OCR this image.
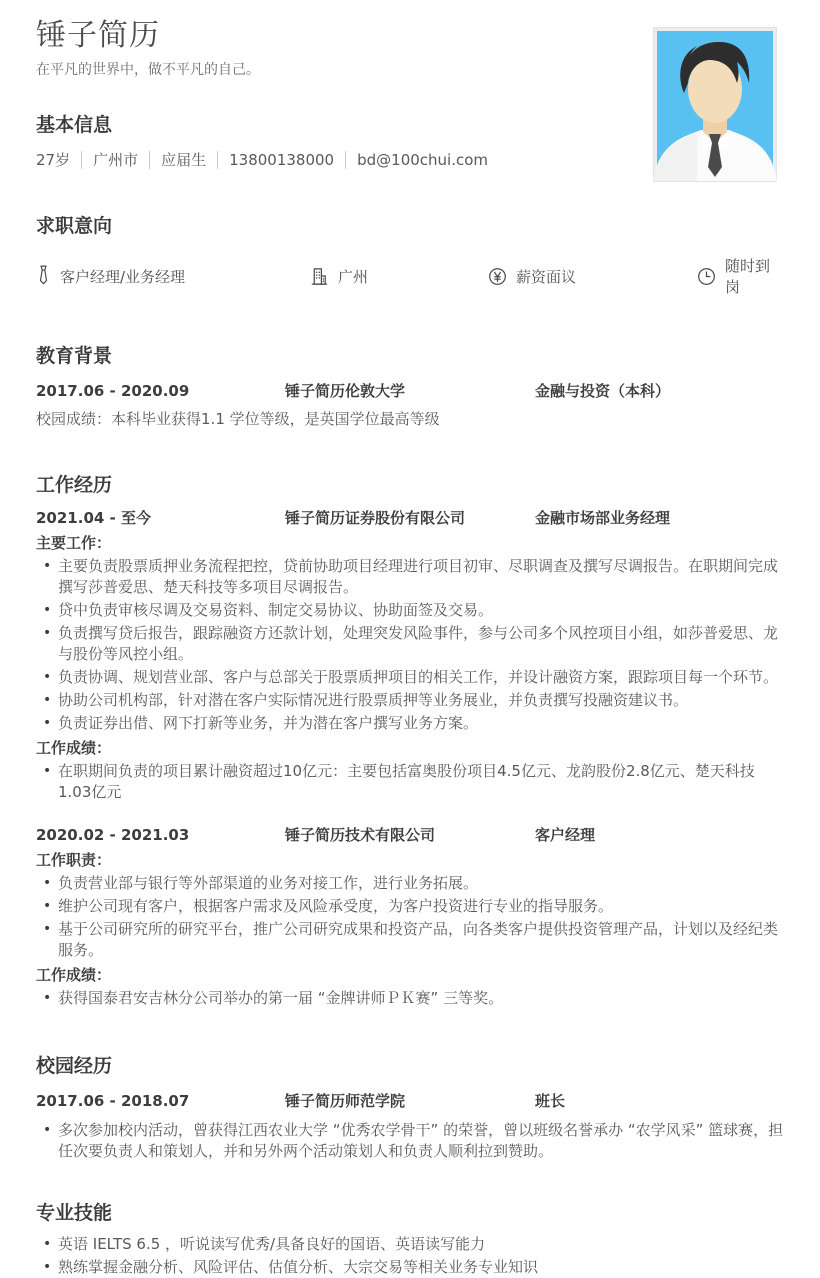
锤子简历
在平凡的世界中，做不平凡的自己。
基本信息
27岁 广州市 应届生 13800138000 bd@100chui.com
求职意向
客户经理/业务经理	广州	薪资面议
随时到岗
教育背景
2017.06 - 2020.09	锤子简历伦敦大学	金融与投资（本科）
校园成绩：本科毕业获得1.1 学位等级，是英国学位最高等级
工作经历
2021.04 - 至今	锤子简历证券股份有限公司	金融市场部业务经理
主要工作：
• 主要负责股票质押业务流程把控，贷前协助项目经理进行项目初审、尽职调查及撰写尽调报告。在职期间完成撰写莎普爱思、楚天科技等多项目尽调报告。
• 贷中负责审核尽调及交易资料、制定交易协议、协助面签及交易。
• 负责撰写贷后报告，跟踪融资方还款计划，处理突发风险事件，参与公司多个风控项目小组，如莎普爱思、龙与股份等风控小组。
• 负责协调、规划营业部、客户与总部关于股票质押项目的相关工作，并设计融资方案，跟踪项目每一个环节。
• 协助公司机构部，针对潜在客户实际情况进行股票质押等业务展业，并负责撰写投融资建议书。
• 负责证券出借、网下打新等业务，并为潜在客户撰写业务方案。
工作成绩：
• 在职期间负责的项目累计融资超过10亿元：主要包括富奥股份项目4.5亿元、龙韵股份2.8亿元、楚天科技1.03亿元
2020.02 - 2021.03	锤子简历技术有限公司	客户经理
工作职责：
• 负责营业部与银行等外部渠道的业务对接工作，进行业务拓展。
• 维护公司现有客户，根据客户需求及风险承受度，为客户投资进行专业的指导服务。
• 基于公司研究所的研究平台，推广公司研究成果和投资产品，向各类客户提供投资管理产品，计划以及经纪类服务。
工作成绩：
• 获得国泰君安吉林分公司举办的第一届 “金牌讲师ＰＫ赛” 三等奖。
校园经历
2017.06 - 2018.07	锤子简历师范学院	班长
• 多次参加校内活动，曾获得江西农业大学 “优秀农学骨干” 的荣誉，曾以班级名誉承办 “农学风采” 篮球赛，担任次要负责人和策划人，并和另外两个活动策划人和负责人顺利拉到赞助。
专业技能
• 英语 IELTS 6.5 ，听说读写优秀/具备良好的国语、英语读写能力
• 熟练掌握金融分析、风险评估、估值分析、大宗交易等相关业务专业知识
